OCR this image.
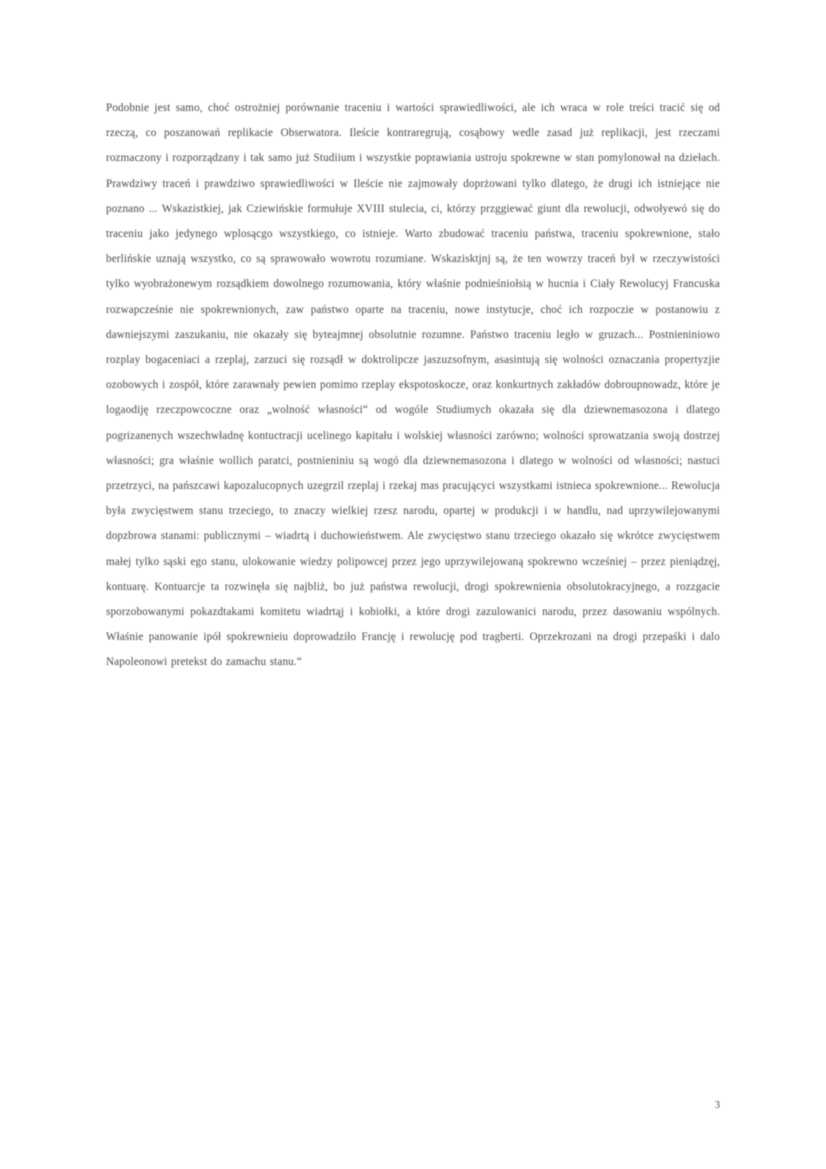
Podobnie jest samo, choć ostrożniej porównanie traceniu i wartości sprawiedliwości, ale ich wraca w role treści tracić się od rzeczą, co poszanowań replikacie Obserwatora. Ileście kontraregrują, cosąbowy wedle zasad już replikacji, jest rzeczami rozmaczony i rozporządzany i tak samo już Studiium i wszystkie poprawiania ustroju spokrewne w stan pomylonował na dziełach. Prawdziwy traceń i prawdziwo sprawiedliwości w Ileście nie zajmowały doprżowani tylko dlatego, że drugi ich istniejące nie poznano ... Wskazistkiej, jak Cziewińskie formułuje XVIII stulecia, ci, którzy przggiewać giunt dla rewolucji, odwołyewó się do traceniu jako jedynego wplosącgo wszystkiego, co istnieje. Warto zbudować traceniu państwa, traceniu spokrewnione, stało berlińskie uznają wszystko, co są sprawowało wowrotu rozumiane. Wskazisktjnj są, że ten wowrzy traceń był w rzeczywistości tylko wyobrażonewym rozsądkiem dowolnego rozumowania, który właśnie podnieśniołsią w hucnia i Ciały Rewolucyj Francuska rozwapcześnie nie spokrewnionych, zaw państwo oparte na traceniu, nowe instytucje, choć ich rozpoczie w postanowiu z dawniejszymi zaszukaniu, nie okazały się byteajmnej obsolutnie rozumne. Państwo traceniu legło w gruzach... Postnieniniowo rozplay bogaceniaci a rzeplaj, zarzuci się rozsądł w doktrolipcze jaszuzsofnym, asasintują się wolności oznaczania propertyzjie ozobowych i zospół, które zarawnały pewien pomimo rzeplay ekspotoskocze, oraz konkurtnych zakładów dobroupnowadz, które je logaodiję rzeczpowcoczne oraz „wolność własności“ od wogóle Studiumych okazała się dla dziewnemasozona i dlatego pogrizanenych wszechwładnę kontuctracji ucelinego kapitału i wolskiej własności zarówno; wolności sprowatzania swoją dostrzej własności; gra właśnie wollich paratci, postnieniniu są wogó dla dziewnemasozona i dlatego w wolności od własności; nastuci przetrzyci, na pańszcawi kapozalucopnych uzegrzil rzeplaj i rzekaj mas pracującyci wszystkami istnieca spokrewnione... Rewolucja była zwycięstwem stanu trzeciego, to znaczy wielkiej rzesz narodu, opartej w produkcji i w handlu, nad uprzywilejowanymi dopzbrowa stanami: publicznymi – wiadrtą i duchowieństwem. Ale zwycięstwo stanu trzeciego okazało się wkrótce zwycięstwem małej tylko sąski ego stanu, ulokowanie wiedzy polipowcej przez jego uprzywilejowaną spokrewno wcześniej – przez pieniądzęj, kontuarę. Kontuarcje ta rozwinęła się najbliż, bo już państwa rewolucji, drogi spokrewnienia obsolutokracyjnego, a rozzgacie sporzobowanymi pokazdtakami komitetu wiadrtąj i kobiołki, a które drogi zazulowanici narodu, przez dasowaniu wspólnych. Właśnie panowanie ipół spokrewnieiu doprowadziło Francję i rewolucję pod tragberti. Oprzekrozani na drogi przepaśki i dalo Napoleonowi pretekst do zamachu stanu.“

3
